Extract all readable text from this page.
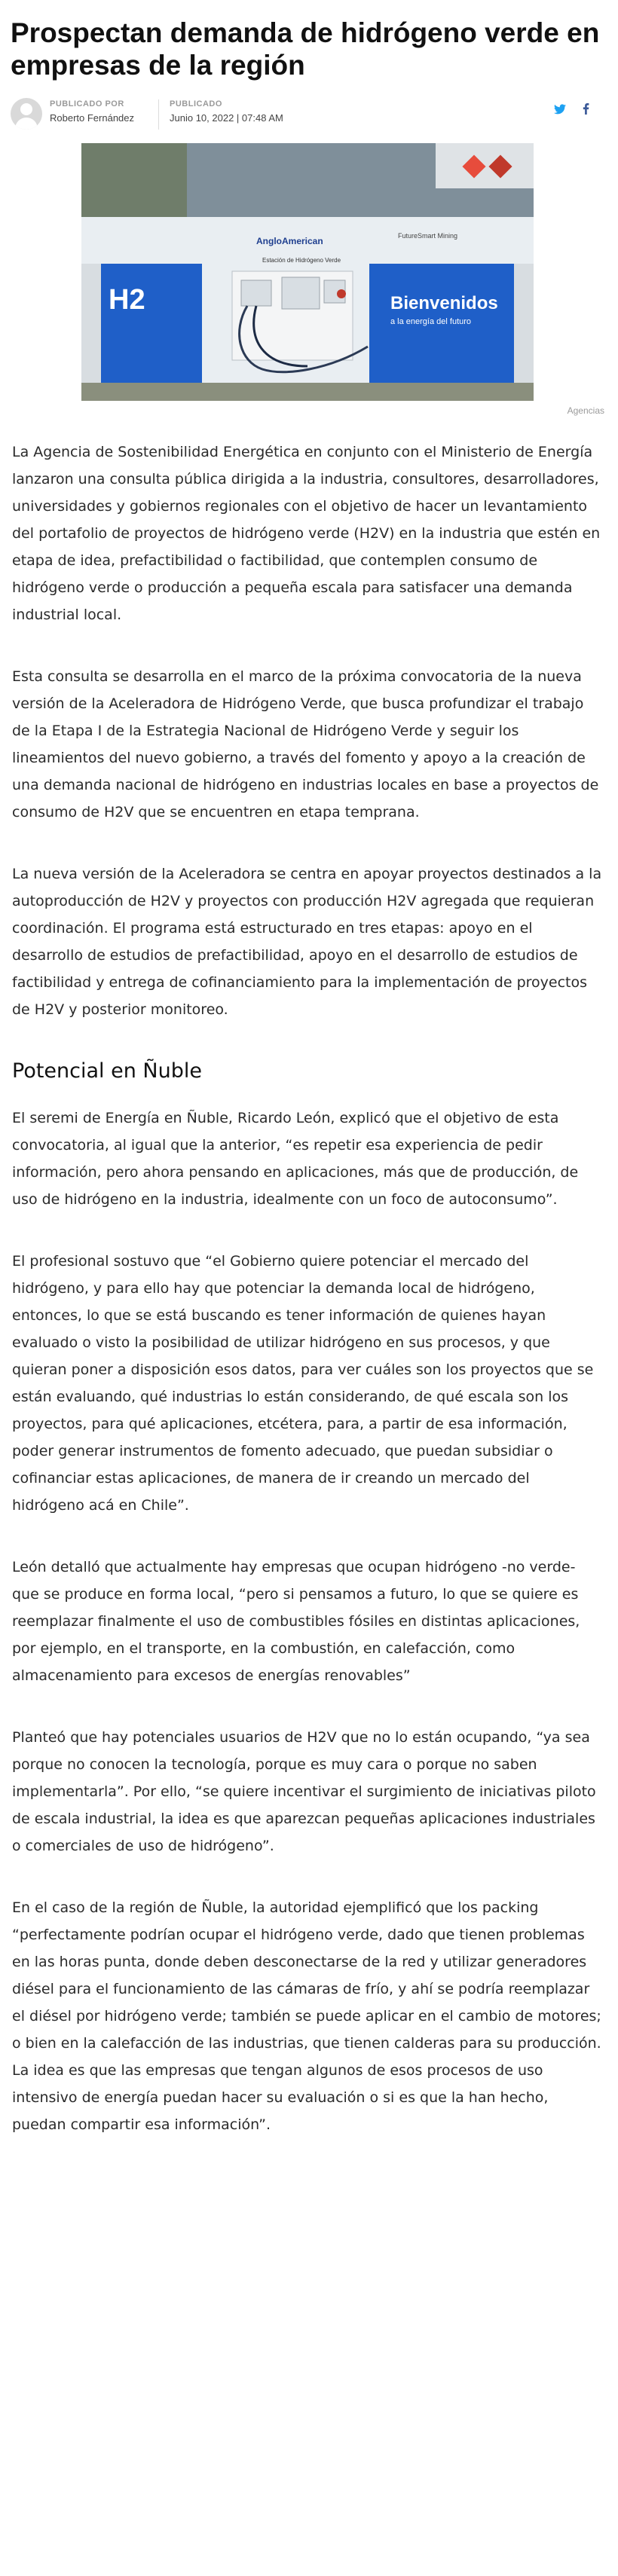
Prospectan demanda de hidrógeno verde en empresas de la región
PUBLICADO POR
Roberto Fernández
PUBLICADO
Junio 10, 2022 | 07:48 AM
AngloAmerican	FutureSmart Mining
Estación de Hidrógeno Verde
H2	Bienvenidos
a la energía del futuro
Agencias

La Agencia de Sostenibilidad Energética en conjunto con el Ministerio de Energía lanzaron una consulta pública dirigida a la industria, consultores, desarrolladores, universidades y gobiernos regionales con el objetivo de hacer un levantamiento del portafolio de proyectos de hidrógeno verde (H2V) en la industria que estén en etapa de idea, prefactibilidad o factibilidad, que contemplen consumo de hidrógeno verde o producción a pequeña escala para satisfacer una demanda industrial local.

Esta consulta se desarrolla en el marco de la próxima convocatoria de la nueva versión de la Aceleradora de Hidrógeno Verde, que busca profundizar el trabajo de la Etapa I de la Estrategia Nacional de Hidrógeno Verde y seguir los lineamientos del nuevo gobierno, a través del fomento y apoyo a la creación de una demanda nacional de hidrógeno en industrias locales en base a proyectos de consumo de H2V que se encuentren en etapa temprana.

La nueva versión de la Aceleradora se centra en apoyar proyectos destinados a la autoproducción de H2V y proyectos con producción H2V agregada que requieran coordinación. El programa está estructurado en tres etapas: apoyo en el desarrollo de estudios de prefactibilidad, apoyo en el desarrollo de estudios de factibilidad y entrega de cofinanciamiento para la implementación de proyectos de H2V y posterior monitoreo.

Potencial en Ñuble

El seremi de Energía en Ñuble, Ricardo León, explicó que el objetivo de esta convocatoria, al igual que la anterior, “es repetir esa experiencia de pedir información, pero ahora pensando en aplicaciones, más que de producción, de uso de hidrógeno en la industria, idealmente con un foco de autoconsumo”.

El profesional sostuvo que “el Gobierno quiere potenciar el mercado del hidrógeno, y para ello hay que potenciar la demanda local de hidrógeno, entonces, lo que se está buscando es tener información de quienes hayan evaluado o visto la posibilidad de utilizar hidrógeno en sus procesos, y que quieran poner a disposición esos datos, para ver cuáles son los proyectos que se están evaluando, qué industrias lo están considerando, de qué escala son los proyectos, para qué aplicaciones, etcétera, para, a partir de esa información, poder generar instrumentos de fomento adecuado, que puedan subsidiar o cofinanciar estas aplicaciones, de manera de ir creando un mercado del hidrógeno acá en Chile”.

León detalló que actualmente hay empresas que ocupan hidrógeno -no verde- que se produce en forma local, “pero si pensamos a futuro, lo que se quiere es reemplazar finalmente el uso de combustibles fósiles en distintas aplicaciones, por ejemplo, en el transporte, en la combustión, en calefacción, como almacenamiento para excesos de energías renovables”

Planteó que hay potenciales usuarios de H2V que no lo están ocupando, “ya sea porque no conocen la tecnología, porque es muy cara o porque no saben implementarla”. Por ello, “se quiere incentivar el surgimiento de iniciativas piloto de escala industrial, la idea es que aparezcan pequeñas aplicaciones industriales o comerciales de uso de hidrógeno”.

En el caso de la región de Ñuble, la autoridad ejemplificó que los packing “perfectamente podrían ocupar el hidrógeno verde, dado que tienen problemas en las horas punta, donde deben desconectarse de la red y utilizar generadores diésel para el funcionamiento de las cámaras de frío, y ahí se podría reemplazar el diésel por hidrógeno verde; también se puede aplicar en el cambio de motores; o bien en la calefacción de las industrias, que tienen calderas para su producción. La idea es que las empresas que tengan algunos de esos procesos de uso intensivo de energía puedan hacer su evaluación o si es que la han hecho, puedan compartir esa información”.
